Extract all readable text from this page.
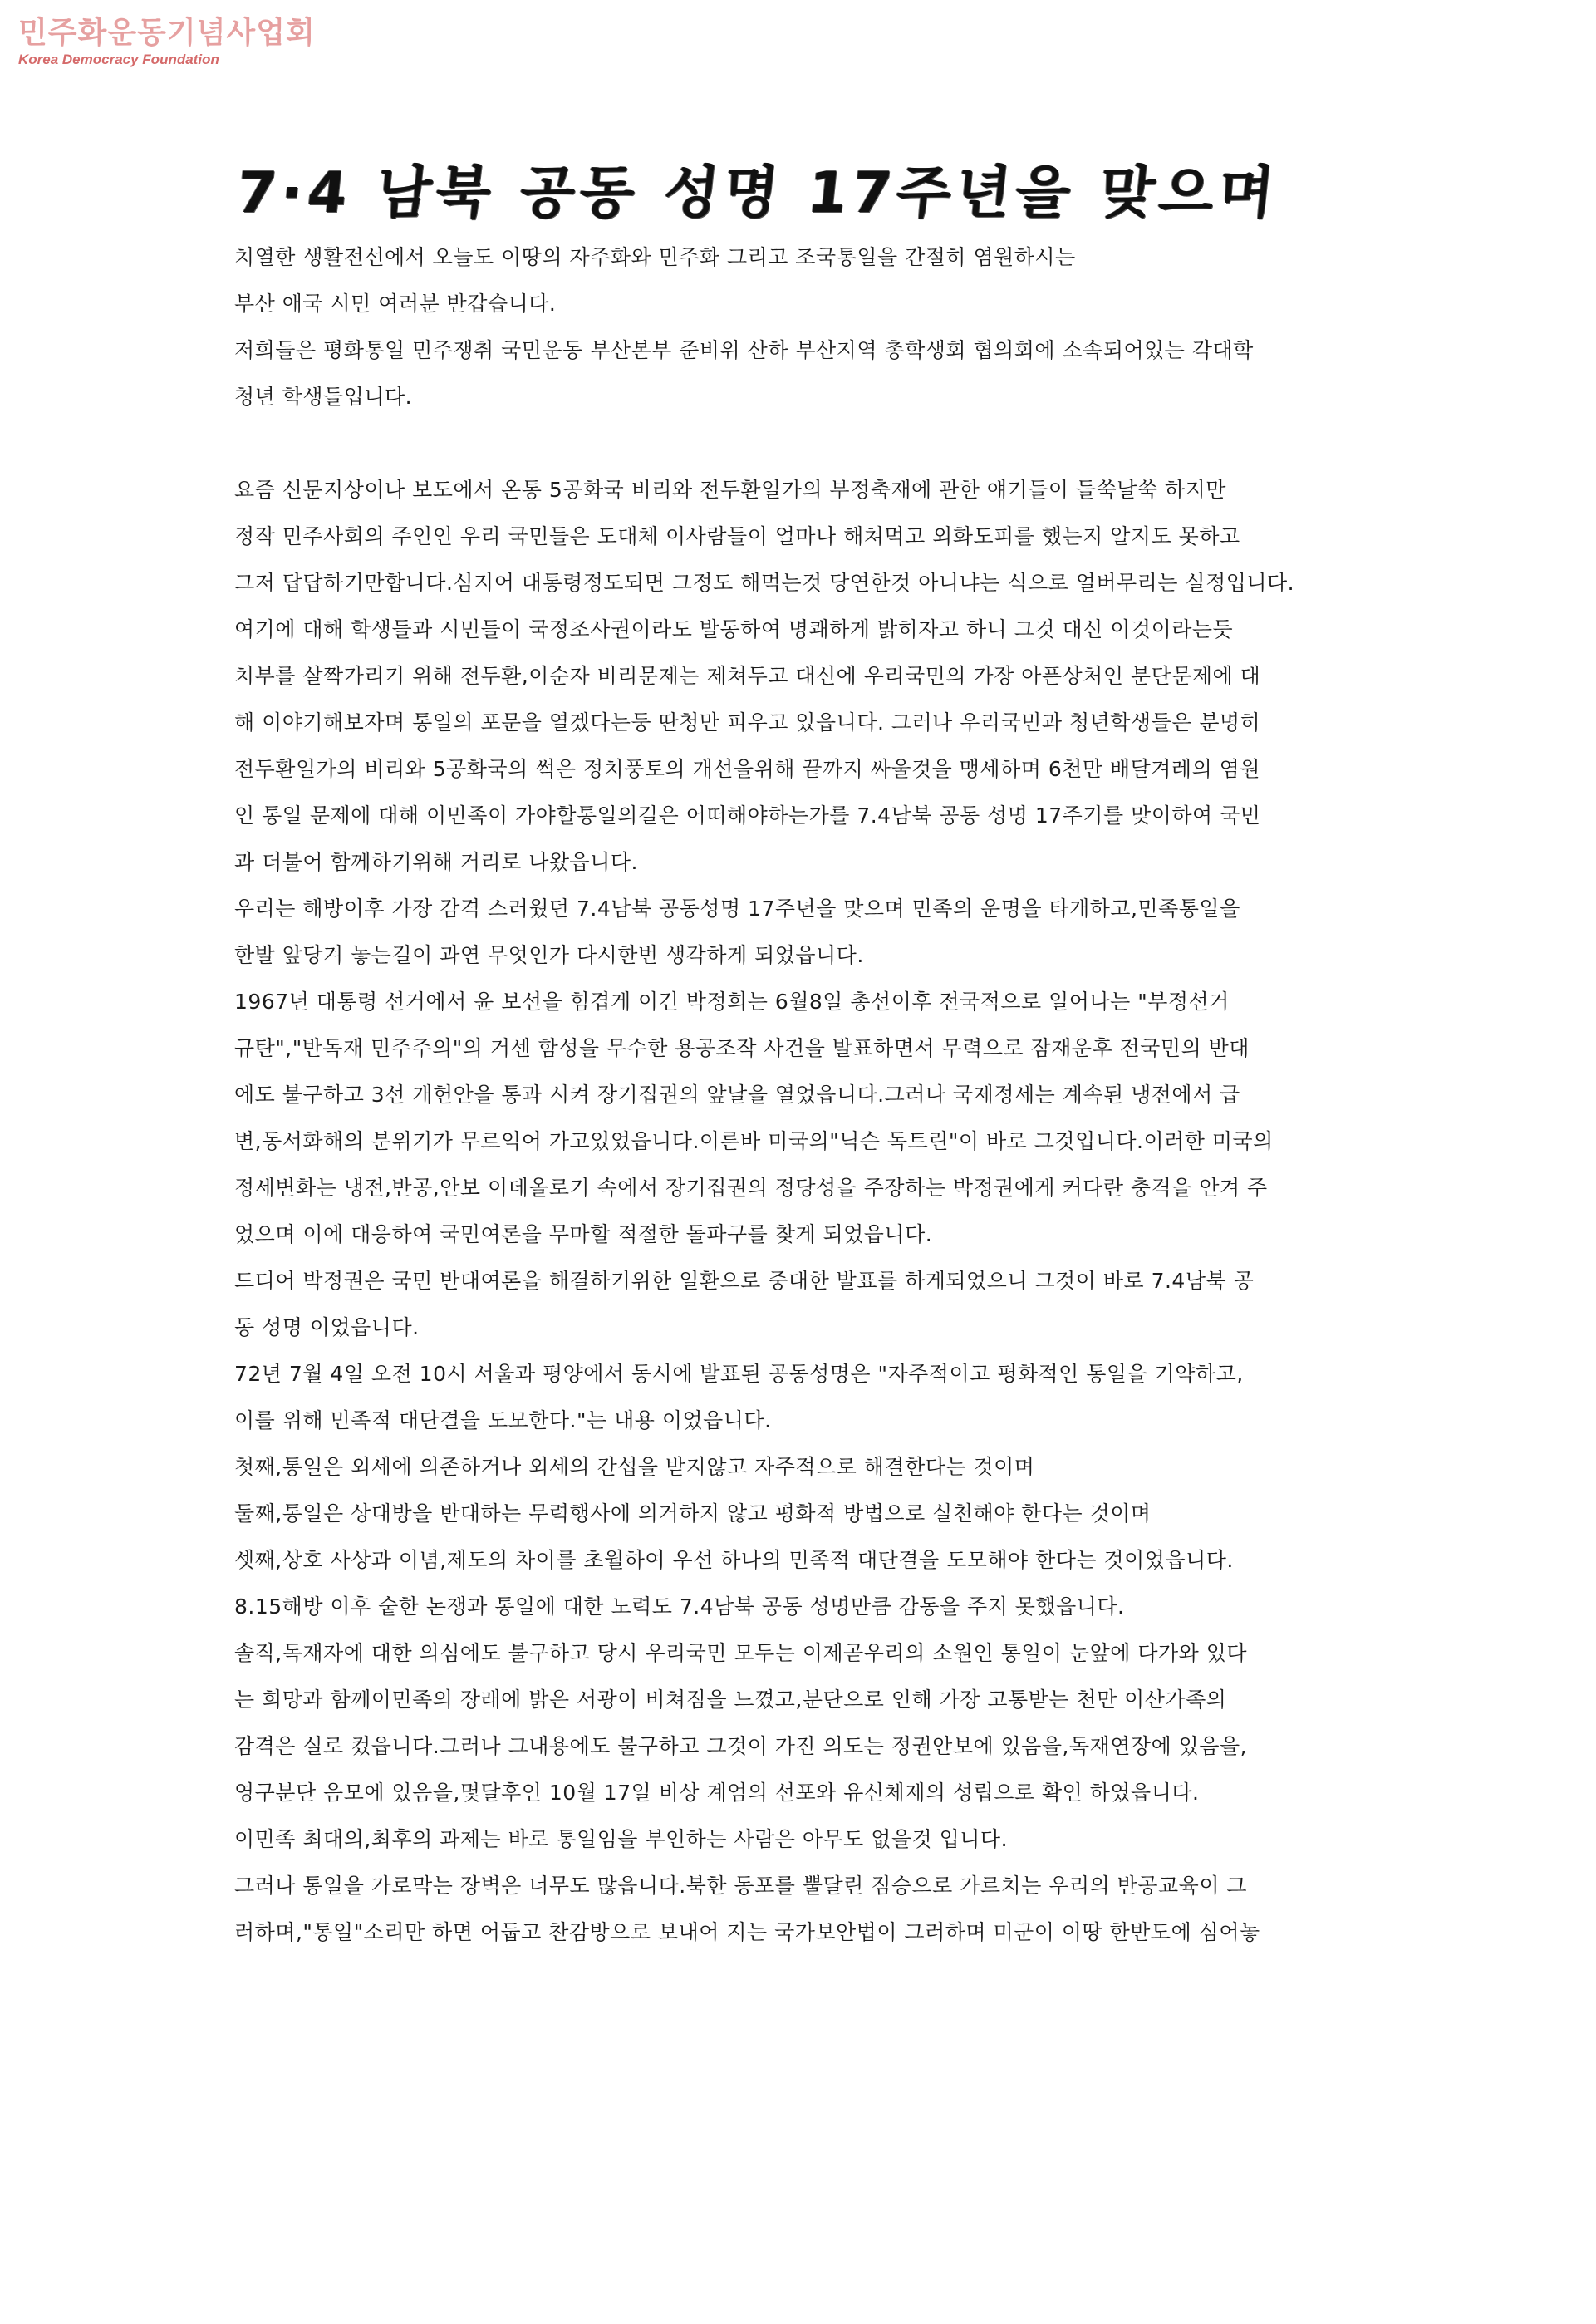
민주화운동기념사업회
Korea Democracy Foundation
7·4 남북 공동 성명 17주년을 맞으며
치열한 생활전선에서 오늘도 이땅의 자주화와 민주화 그리고 조국통일을 간절히 염원하시는
부산 애국 시민 여러분 반갑습니다.
저희들은 평화통일 민주쟁취 국민운동 부산본부 준비위 산하 부산지역 총학생회 협의회에 소속되어있는 각대학
청년 학생들입니다.
요즘 신문지상이나 보도에서 온통 5공화국 비리와 전두환일가의 부정축재에 관한 얘기들이 들쑥날쑥 하지만
정작 민주사회의 주인인 우리 국민들은 도대체 이사람들이 얼마나 해쳐먹고 외화도피를 했는지 알지도 못하고
그저 답답하기만합니다.심지어 대통령정도되면 그정도 해먹는것 당연한것 아니냐는 식으로 얼버무리는 실정입니다.
여기에 대해 학생들과 시민들이 국정조사권이라도 발동하여 명쾌하게 밝히자고 하니 그것 대신 이것이라는듯
치부를 살짝가리기 위해 전두환,이순자 비리문제는 제쳐두고 대신에 우리국민의 가장 아픈상처인 분단문제에 대
해 이야기해보자며 통일의 포문을 열겠다는둥 딴청만 피우고 있읍니다. 그러나 우리국민과 청년학생들은 분명히
전두환일가의 비리와 5공화국의 썩은 정치풍토의 개선을위해 끝까지 싸울것을 맹세하며 6천만 배달겨레의 염원
인 통일 문제에 대해 이민족이 가야할통일의길은 어떠해야하는가를 7.4남북 공동 성명 17주기를 맞이하여 국민
과 더불어 함께하기위해 거리로 나왔읍니다.
우리는 해방이후 가장 감격 스러웠던 7.4남북 공동성명 17주년을 맞으며 민족의 운명을 타개하고,민족통일을
한발 앞당겨 놓는길이 과연 무엇인가 다시한번 생각하게 되었읍니다.
1967년 대통령 선거에서 윤 보선을 힘겹게 이긴 박정희는 6월8일 총선이후 전국적으로 일어나는 "부정선거
규탄","반독재 민주주의"의 거센 함성을 무수한 용공조작 사건을 발표하면서 무력으로 잠재운후 전국민의 반대
에도 불구하고 3선 개헌안을 통과 시켜 장기집권의 앞날을 열었읍니다.그러나 국제정세는 계속된 냉전에서 급
변,동서화해의 분위기가 무르익어 가고있었읍니다.이른바 미국의"닉슨 독트린"이 바로 그것입니다.이러한 미국의
정세변화는 냉전,반공,안보 이데올로기 속에서 장기집권의 정당성을 주장하는 박정권에게 커다란 충격을 안겨 주
었으며 이에 대응하여 국민여론을 무마할 적절한 돌파구를 찾게 되었읍니다.
드디어 박정권은 국민 반대여론을 해결하기위한 일환으로 중대한 발표를 하게되었으니 그것이 바로 7.4남북 공
동 성명 이었읍니다.
72년 7월 4일 오전 10시 서울과 평양에서 동시에 발표된 공동성명은 "자주적이고 평화적인 통일을 기약하고,
이를 위해 민족적 대단결을 도모한다."는 내용 이었읍니다.
첫째,통일은 외세에 의존하거나 외세의 간섭을 받지않고 자주적으로 해결한다는 것이며
둘째,통일은 상대방을 반대하는 무력행사에 의거하지 않고 평화적 방법으로 실천해야 한다는 것이며
셋째,상호 사상과 이념,제도의 차이를 초월하여 우선 하나의 민족적 대단결을 도모해야 한다는 것이었읍니다.
8.15해방 이후 숱한 논쟁과 통일에 대한 노력도 7.4남북 공동 성명만큼 감동을 주지 못했읍니다.
솔직,독재자에 대한 의심에도 불구하고 당시 우리국민 모두는 이제곧우리의 소원인 통일이 눈앞에 다가와 있다
는 희망과 함께이민족의 장래에 밝은 서광이 비쳐짐을 느꼈고,분단으로 인해 가장 고통받는 천만 이산가족의
감격은 실로 컸읍니다.그러나 그내용에도 불구하고 그것이 가진 의도는 정권안보에 있음을,독재연장에 있음을,
영구분단 음모에 있음을,몇달후인 10월 17일 비상 계엄의 선포와 유신체제의 성립으로 확인 하였읍니다.
이민족 최대의,최후의 과제는 바로 통일임을 부인하는 사람은 아무도 없을것 입니다.
그러나 통일을 가로막는 장벽은 너무도 많읍니다.북한 동포를 뿔달린 짐승으로 가르치는 우리의 반공교육이 그
러하며,"통일"소리만 하면 어둡고 찬감방으로 보내어 지는 국가보안법이 그러하며 미군이 이땅 한반도에 심어놓
